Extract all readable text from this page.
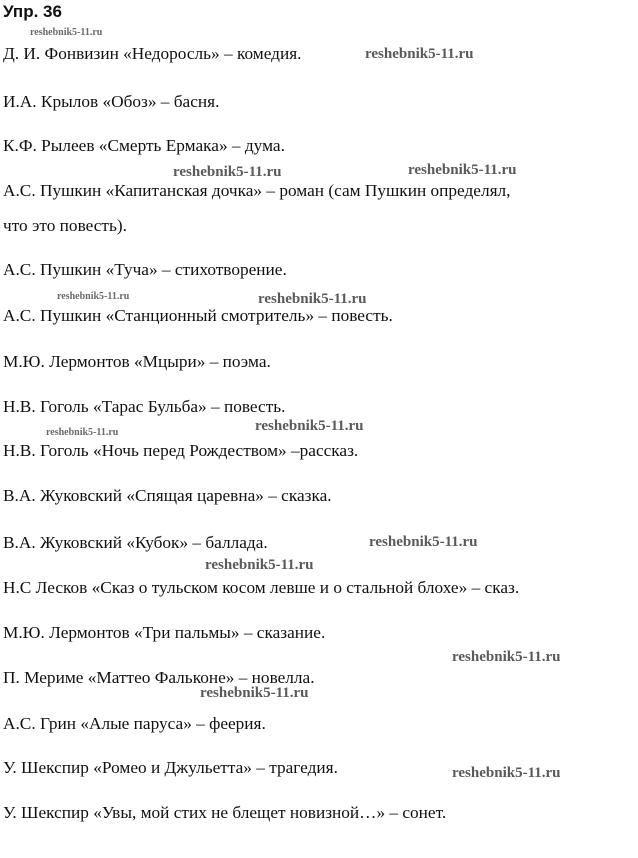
Упр. 36
Д. И. Фонвизин «Недоросль» – комедия.
И.А. Крылов «Обоз» – басня.
К.Ф. Рылеев «Смерть Ермака» – дума.
А.С. Пушкин «Капитанская дочка» – роман (сам Пушкин определял,
что это повесть).
А.С. Пушкин «Туча» – стихотворение.
А.С. Пушкин «Станционный смотритель» – повесть.
М.Ю. Лермонтов «Мцыри» – поэма.
Н.В. Гоголь «Тарас Бульба» – повесть.
Н.В. Гоголь «Ночь перед Рождеством» –рассказ.
В.А. Жуковский «Спящая царевна» – сказка.
В.А. Жуковский «Кубок» – баллада.
Н.С Лесков «Сказ о тульском косом левше и о стальной блохе» – сказ.
М.Ю. Лермонтов «Три пальмы» – сказание.
П. Мериме «Маттео Фальконе» – новелла.
А.С. Грин «Алые паруса» – феерия.
У. Шекспир «Ромео и Джульетта» – трагедия.
У. Шекспир «Увы, мой стих не блещет новизной…» – сонет.
reshebnik5-11.ru
reshebnik5-11.ru
reshebnik5-11.ru	reshebnik5-11.ru
reshebnik5-11.ru	reshebnik5-11.ru
reshebnik5-11.ru
reshebnik5-11.ru
reshebnik5-11.ru
reshebnik5-11.ru
reshebnik5-11.ru
reshebnik5-11.ru
reshebnik5-11.ru
